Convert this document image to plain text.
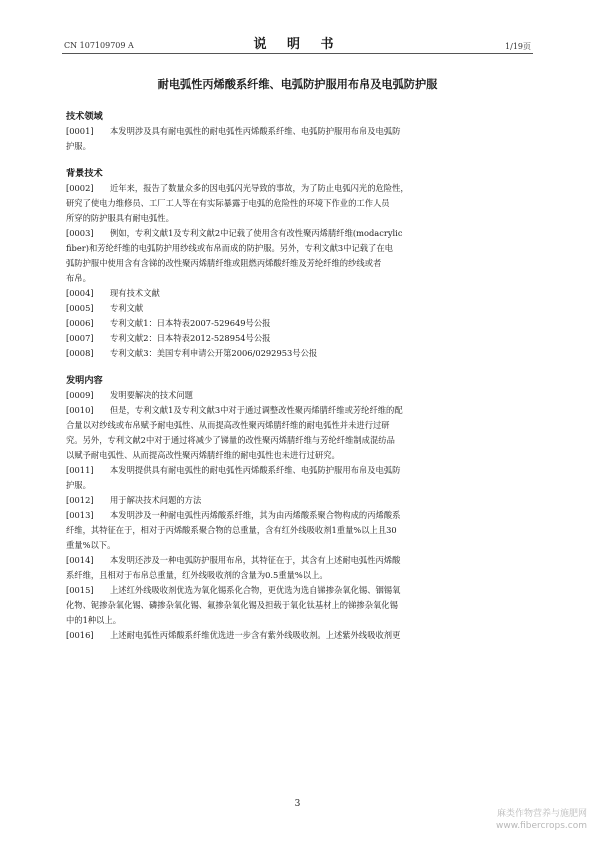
CN 107109709 A	说 明 书	1/19页
耐电弧性丙烯酸系纤维、电弧防护服用布帛及电弧防护服
技术领域
[0001] 本发明涉及具有耐电弧性的耐电弧性丙烯酸系纤维、电弧防护服用布帛及电弧防
护服。
背景技术
[0002] 近年来，报告了数量众多的因电弧闪光导致的事故，为了防止电弧闪光的危险性，
研究了使电力维修员、工厂工人等在有实际暴露于电弧的危险性的环境下作业的工作人员
所穿的防护服具有耐电弧性。
[0003] 例如，专利文献1及专利文献2中记载了使用含有改性聚丙烯腈纤维(modacrylic
fiber)和芳纶纤维的电弧防护用纱线或布帛而成的防护服。另外，专利文献3中记载了在电
弧防护服中使用含有含锑的改性聚丙烯腈纤维或阻燃丙烯酸纤维及芳纶纤维的纱线或者
布帛。
[0004] 现有技术文献
[0005] 专利文献
[0006] 专利文献1：日本特表2007-529649号公报
[0007] 专利文献2：日本特表2012-528954号公报
[0008] 专利文献3：美国专利申请公开第2006/0292953号公报
发明内容
[0009] 发明要解决的技术问题
[0010] 但是，专利文献1及专利文献3中对于通过调整改性聚丙烯腈纤维或芳纶纤维的配
合量以对纱线或布帛赋予耐电弧性、从而提高改性聚丙烯腈纤维的耐电弧性并未进行过研
究。另外，专利文献2中对于通过将减少了锑量的改性聚丙烯腈纤维与芳纶纤维制成混纺品
以赋予耐电弧性、从而提高改性聚丙烯腈纤维的耐电弧性也未进行过研究。
[0011] 本发明提供具有耐电弧性的耐电弧性丙烯酸系纤维、电弧防护服用布帛及电弧防
护服。
[0012] 用于解决技术问题的方法
[0013] 本发明涉及一种耐电弧性丙烯酸系纤维，其为由丙烯酸系聚合物构成的丙烯酸系
纤维，其特征在于，相对于丙烯酸系聚合物的总重量，含有红外线吸收剂1重量%以上且30
重量%以下。
[0014] 本发明还涉及一种电弧防护服用布帛，其特征在于，其含有上述耐电弧性丙烯酸
系纤维，且相对于布帛总重量，红外线吸收剂的含量为0.5重量%以上。
[0015] 上述红外线吸收剂优选为氧化锡系化合物，更优选为选自锑掺杂氧化锡、铟锡氧
化物、铌掺杂氧化锡、磷掺杂氧化锡、氟掺杂氧化锡及担载于氧化钛基材上的锑掺杂氧化锡
中的1种以上。
[0016] 上述耐电弧性丙烯酸系纤维优选进一步含有紫外线吸收剂。上述紫外线吸收剂更
3
麻类作物营养与施肥网
www.fibercrops.com
